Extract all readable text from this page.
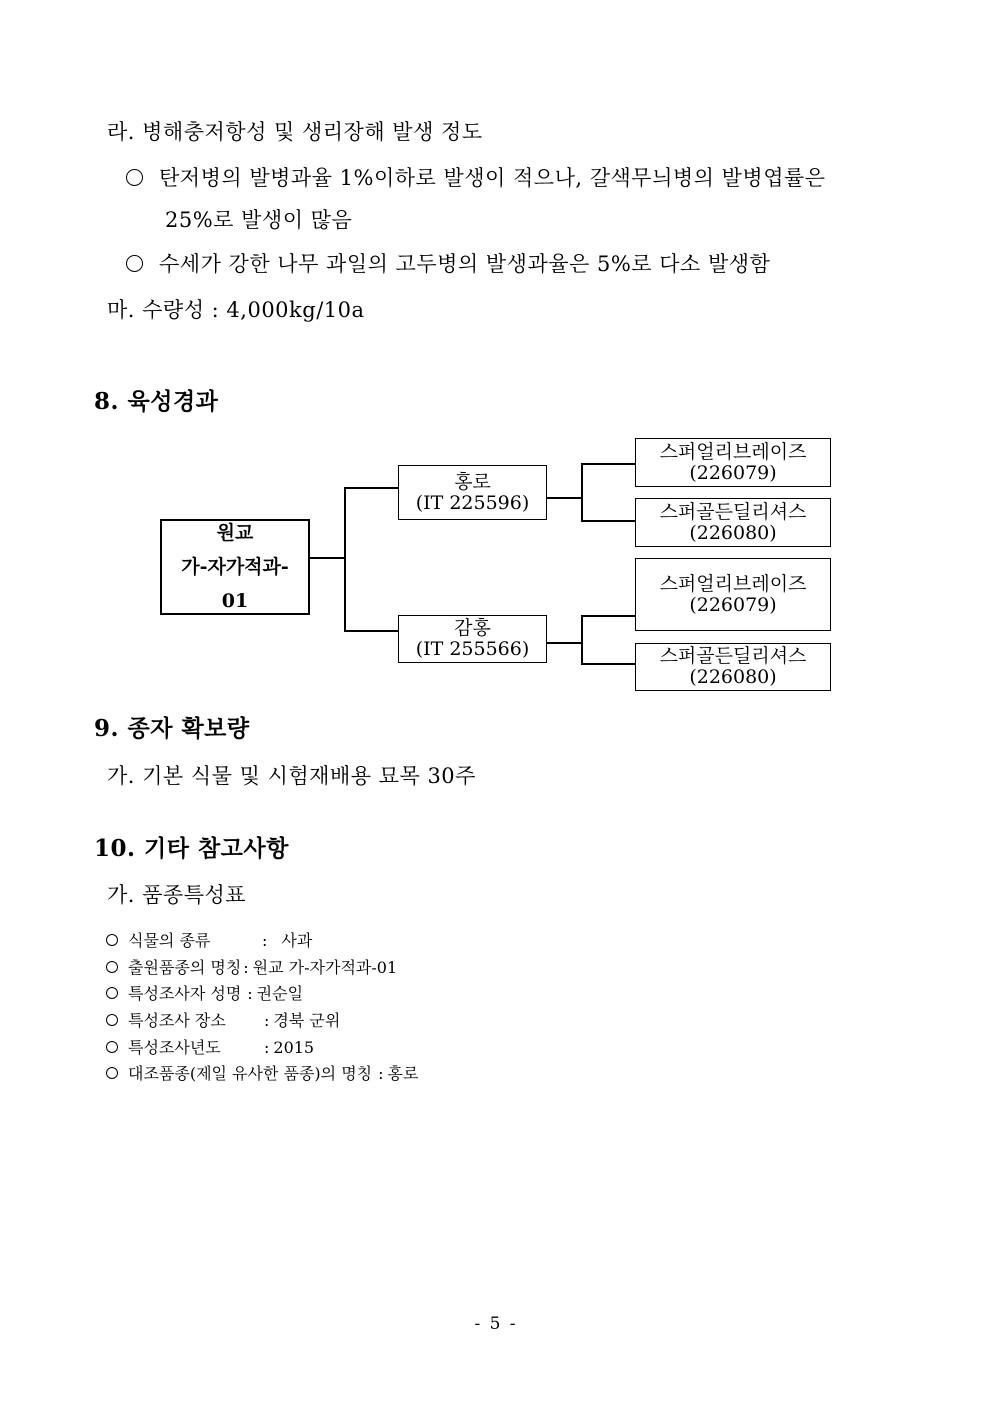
라. 병해충저항성 및 생리장해 발생 정도
탄저병의 발병과율 1%이하로 발생이 적으나, 갈색무늬병의 발병엽률은
25%로 발생이 많음
수세가 강한 나무 과일의 고두병의 발생과율은 5%로 다소 발생함
마. 수량성 : 4,000kg/10a
8. 육성경과
원교
가-자가적과-
01
홍로
(IT 225596)
감홍
(IT 255566)
스퍼얼리브레이즈
(226079)
스퍼골든딜리셔스
(226080)
스퍼얼리브레이즈
(226079)
스퍼골든딜리셔스
(226080)
9. 종자 확보량
가. 기본 식물 및 시험재배용 묘목 30주
10. 기타 참고사항
가. 품종특성표
식물의 종류	: 사과
출원품종의 명칭 : 원교 가-자가적과-01
특성조사자 성명 : 권순일
특성조사 장소 : 경북 군위
특성조사년도	: 2015
대조품종(제일 유사한 품종)의 명칭 : 홍로
- 5 -
